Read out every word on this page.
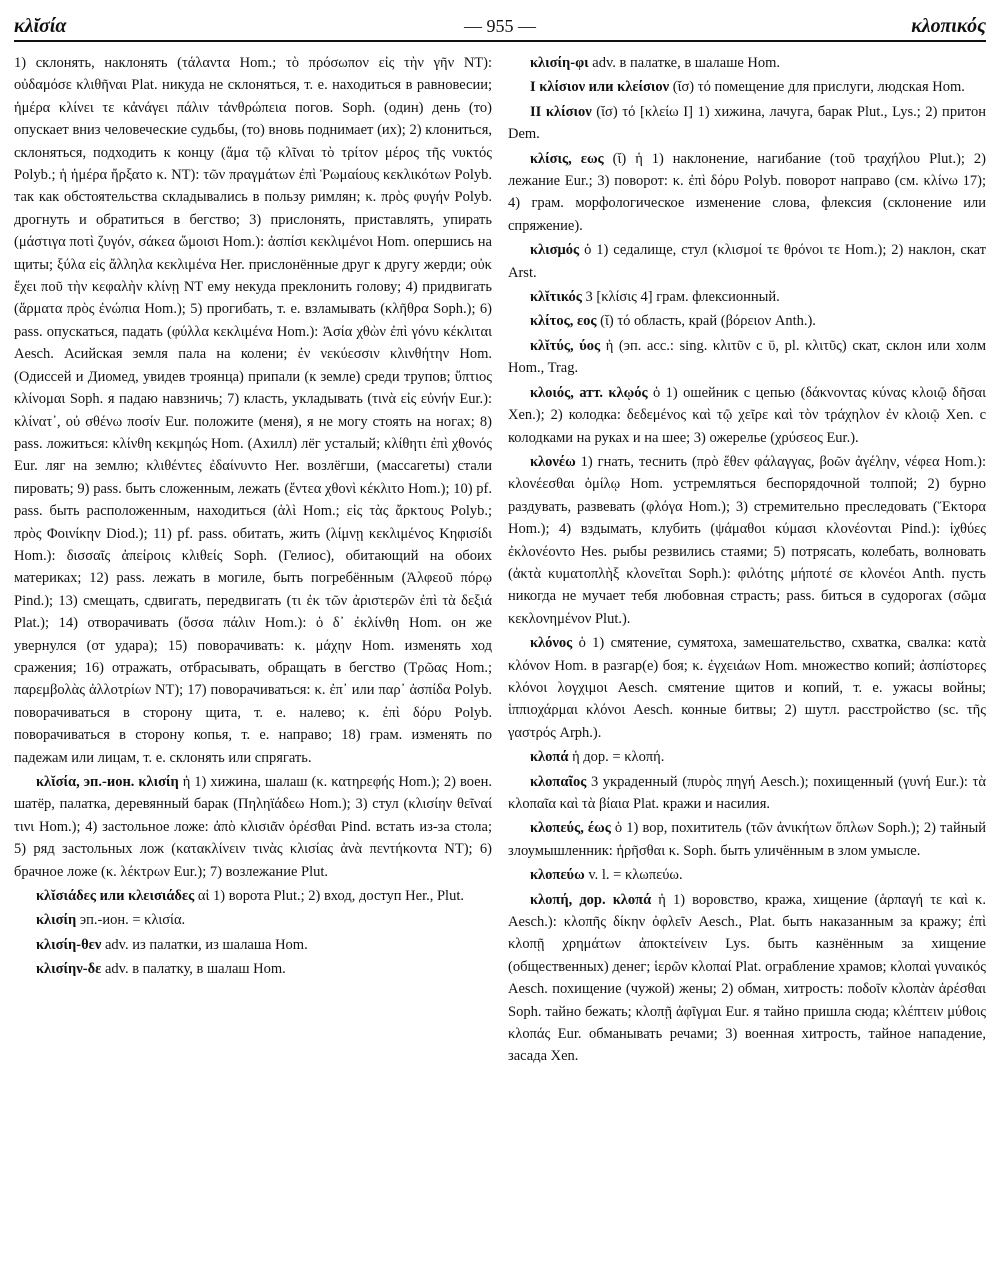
κλῐσία	— 955 —	κλοπικός

1) склонять, наклонять (τάλαντα Hom.; τὸ πρόσωπον εἰς τὴν γῆν NT): οὐδαμόσε κλιθῆναι Plat. никуда не склоняться, т. е. находиться в равновесии; ἡμέρα κλίνει τε κἀνάγει πάλιν τἀνθρώπεια погов. Soph. (один) день (то) опускает вниз человеческие судьбы, (то) вновь поднимает (их); 2) клониться, склоняться, подходить к концу (ἅμα τῷ κλῖναι τὸ τρίτον μέρος τῆς νυκτός Polyb.; ἡ ἡμέρα ἤρξατο κ. NT): τῶν πραγμάτων ἐπὶ Ῥωμαίους κεκλικότων Polyb. так как обстоятельства складывались в пользу римлян; κ. πρὸς φυγήν Polyb. дрогнуть и обратиться в бегство; 3) прислонять, приставлять, упирать (μάστιγα ποτὶ ζυγόν, σάκεα ὤμοισι Hom.): ἀσπίσι κεκλιμένοι Hom. опершись на щиты; ξύλα εἰς ἄλληλα κεκλιμένα Her. прислонённые друг к другу жерди; οὐκ ἔχει ποῦ τὴν κεφαλὴν κλίνῃ NT ему некуда преклонить голову; 4) придвигать (ἅρματα πρὸς ἐνώπια Hom.); 5) прогибать, т. е. взламывать (κλῆθρα Soph.); 6) pass. опускаться, падать (φύλλα κεκλιμένα Hom.): Ἀσία χθὼν ἐπὶ γόνυ κέκλιται Aesch. Асийская земля пала на колени; ἐν νεκύεσσιν κλινθήτην Hom. (Одиссей и Диомед, увидев троянца) припали (к земле) среди трупов; ὕπτιος κλίνομαι Soph. я падаю навзничь; 7) класть, укладывать (τινὰ εἰς εὐνήν Eur.): κλίνατ᾽, οὐ σθένω ποσίν Eur. положите (меня), я не могу стоять на ногах; 8) pass. ложиться: κλίνθη κεκμηώς Hom. (Ахилл) лёг усталый; κλίθητι ἐπὶ χθονός Eur. ляг на землю; κλιθέντες ἐδαίνυντο Her. возлёгши, (массагеты) стали пировать; 9) pass. быть сложенным, лежать (ἔντεα χθονὶ κέκλιτο Hom.); 10) pf. pass. быть расположенным, находиться (ἁλὶ Hom.; εἰς τὰς ἄρκτους Polyb.; πρὸς Φοινίκην Diod.); 11) pf. pass. обитать, жить (λίμνῃ κεκλιμένος Κηφισίδι Hom.): δισσαῖς ἀπείροις κλιθείς Soph. (Гелиос), обитающий на обоих материках; 12) pass. лежать в могиле, быть погребённым (Ἀλφεοῦ πόρῳ Pind.); 13) смещать, сдвигать, передвигать (τι ἐκ τῶν ἀριστερῶν ἐπὶ τὰ δεξιά Plat.); 14) отворачивать (ὄσσα πάλιν Hom.): ὁ δ᾽ ἐκλίνθη Hom. он же увернулся (от удара); 15) поворачивать: κ. μάχην Hom. изменять ход сражения; 16) отражать, отбрасывать, обращать в бегство (Τρῶας Hom.; παρεμβολὰς ἀλλοτρίων NT); 17) поворачиваться: κ. ἐπ᾽ или παρ᾽ ἀσπίδα Polyb. поворачиваться в сторону щита, т. е. налево; κ. ἐπὶ δόρυ Polyb. поворачиваться в сторону копья, т. е. направо; 18) грам. изменять по падежам или лицам, т. е. склонять или спрягать.

κλῐσία, эп.-ион. κλισίη ἡ 1) хижина, шалаш (κ. κατηρεφής Hom.); 2) воен. шатёр, палатка, деревянный барак (Πηληϊάδεω Hom.); 3) стул (κλισίην θεῖναί τινι Hom.); 4) застольное ложе: ἀπὸ κλισιᾶν ὀρέσθαι Pind. встать из-за стола; 5) ряд застольных лож (κατακλίνειν τινὰς κλισίας ἀνὰ πεντήκοντα NT); 6) брачное ложе (κ. λέκτρων Eur.); 7) возлежание Plut.

κλῐσιάδες или κλεισιάδες αἱ 1) ворота Plut.; 2) вход, доступ Her., Plut.

κλισίη эп.-ион. = κλισία.

κλισίη-θεν adv. из палатки, из шалаша Hom.

κλισίην-δε adv. в палатку, в шалаш Hom.

κλισίη-φι adv. в палатке, в шалаше Hom.

I κλίσιον или κλείσιον (ῐσ) τό помещение для прислуги, людская Hom.

II κλίσιον (ῐσ) τό [κλείω I] 1) хижина, лачуга, барак Plut., Lys.; 2) притон Dem.

κλίσις, εως (ῐ) ἡ 1) наклонение, нагибание (τοῦ τραχήλου Plut.); 2) лежание Eur.; 3) поворот: κ. ἐπὶ δόρυ Polyb. поворот направо (см. κλίνω 17); 4) грам. морфологическое изменение слова, флексия (склонение или спряжение).

κλισμός ὁ 1) седалище, стул (κλισμοί τε θρόνοι τε Hom.); 2) наклон, скат Arst.

κλῐτικός 3 [κλίσις 4] грам. флексионный.

κλίτος, εος (ῐ) τό область, край (βόρειον Anth.).

κλῐτύς, ύος ἡ (эп. acc.: sing. κλιτῦν с ῡ, pl. κλιτῦς) скат, склон или холм Hom., Trag.

κλοιός, атт. κλῳός ὁ 1) ошейник с цепью (δάκνοντας κύνας κλοιῷ δῆσαι Xen.); 2) колодка: δεδεμένος καὶ τῷ χεῖρε καὶ τὸν τράχηλον ἐν κλοιῷ Xen. с колодками на руках и на шее; 3) ожерелье (χρύσεος Eur.).

κλονέω 1) гнать, теснить (πρὸ ἕθεν φάλαγγας, βοῶν ἀγέλην, νέφεα Hom.): κλονέεσθαι ὁμίλῳ Hom. устремляться беспорядочной толпой; 2) бурно раздувать, развевать (φλόγα Hom.); 3) стремительно преследовать (Ἕκτορα Hom.); 4) вздымать, клубить (ψάμαθοι κύμασι κλονέονται Pind.): ἰχθύες ἐκλονέοντο Hes. рыбы резвились стаями; 5) потрясать, колебать, волновать (ἀκτὰ κυματοπλὴξ κλονεῖται Soph.): φιλότης μήποτέ σε κλονέοι Anth. пусть никогда не мучает тебя любовная страсть; pass. биться в судорогах (σῶμα κεκλονημένον Plut.).

κλόνος ὁ 1) смятение, сумятоха, замешательство, схватка, свалка: κατὰ κλόνον Hom. в разгар(е) боя; κ. ἐγχειάων Hom. множество копий; ἀσπίστορες κλόνοι λογχιμοι Aesch. смятение щитов и копий, т. е. ужасы войны; ἱππιοχάρμαι κλόνοι Aesch. конные битвы; 2) шутл. расстройство (sc. τῆς γαστρός Arph.).

κλοπά ἡ дор. = κλοπή.

κλοπαῖος 3 украденный (πυρὸς πηγή Aesch.); похищенный (γυνή Eur.): τὰ κλοπαῖα καὶ τὰ βίαια Plat. кражи и насилия.

κλοπεύς, έως ὁ 1) вор, похититель (τῶν ἀνικήτων ὅπλων Soph.); 2) тайный злоумышленник: ἡρῆσθαι κ. Soph. быть уличённым в злом умысле.

κλοπεύω v. l. = κλωπεύω.

κλοπή, дор. κλοπά ἡ 1) воровство, кража, хищение (ἁρπαγή τε καὶ κ. Aesch.): κλοπῆς δίκην ὀφλεῖν Aesch., Plat. быть наказанным за кражу; ἐπὶ κλοπῇ χρημάτων ἀποκτείνειν Lys. быть казнённым за хищение (общественных) денег; ἱερῶν κλοπαί Plat. ограбление храмов; κλοπαὶ γυναικός Aesch. похищение (чужой) жены; 2) обман, хитрость: ποδοῖν κλοπὰν ἀρέσθαι Soph. тайно бежать; κλοπῇ ἀφῖγμαι Eur. я тайно пришла сюда; κλέπτειν μύθοις κλοπάς Eur. обманывать речами; 3) военная хитрость, тайное нападение, засада Xen.
